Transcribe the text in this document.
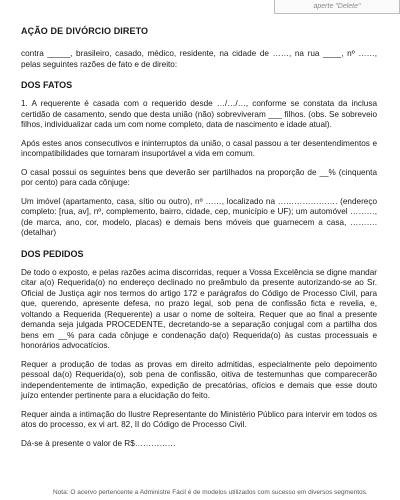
aperte "Delete"
AÇÃO DE DIVÓRCIO DIRETO

contra _____, brasileiro, casado, médico, residente, na cidade de ……, na rua ____, nº ……, pelas seguintes razões de fato e de direito:

DOS FATOS

1. A requerente é casada com o requerido desde …/…/…, conforme se constata da inclusa certidão de casamento, sendo que desta união (não) sobreviveram ___ filhos. (obs. Se sobreveio filhos, individualizar cada um com nome completo, data de nascimento e idade atual).

Após estes anos consecutivos e ininterruptos da união, o casal passou a ter desentendimentos e incompatibilidades que tornaram insuportável a vida em comum.

O casal possui os seguintes bens que deverão ser partilhados na proporção de __% (cinquenta por cento) para cada cônjuge:

Um imóvel (apartamento, casa, sítio ou outro), nº ……, localizado na …………………. (endereço completo: [rua, av], nº, complemento, bairro, cidade, cep, município e UF); um automóvel ………, (de marca, ano, cor, modelo, placas) e demais bens móveis que guarnecem a casa, ………. (detalhar)

DOS PEDIDOS

De todo o exposto, e pelas razões acima discorridas, requer a Vossa Excelência se digne mandar citar a(o) Requerida(o) no endereço declinado no preâmbulo da presente autorizando-se ao Sr. Oficial de Justiça agir nos termos do artigo 172 e parágrafos do Código de Processo Civil, para que, querendo, apresente defesa, no prazo legal, sob pena de confissão ficta e revelia, e, voltando a Requerida (Requerente) a usar o nome de solteira. Requer que ao final a presente demanda seja julgada PROCEDENTE, decretando-se a separação conjugal com a partilha dos bens em __% para cada cônjuge e condenação da(o) Requerida(o) às custas processuais e honorários advocatícios.

Requer a produção de todas as provas em direito admitidas, especialmente pelo depoimento pessoal da(o) Requerida(o), sob pena de confissão, oitiva de testemunhas que comparecerão independentemente de intimação, expedição de precatórias, ofícios e demais que esse douto juízo entender pertinente para a elucidação do feito.

Requer ainda a intimação do Ilustre Representante do Ministério Público para intervir em todos os atos do processo, ex vi art. 82, II do Código de Processo Civil.

Dá-se à presente o valor de R$……………

Nota: O acervo pertencente a Administre Fácil é de modelos utilizados com sucesso em diversos segmentos.
